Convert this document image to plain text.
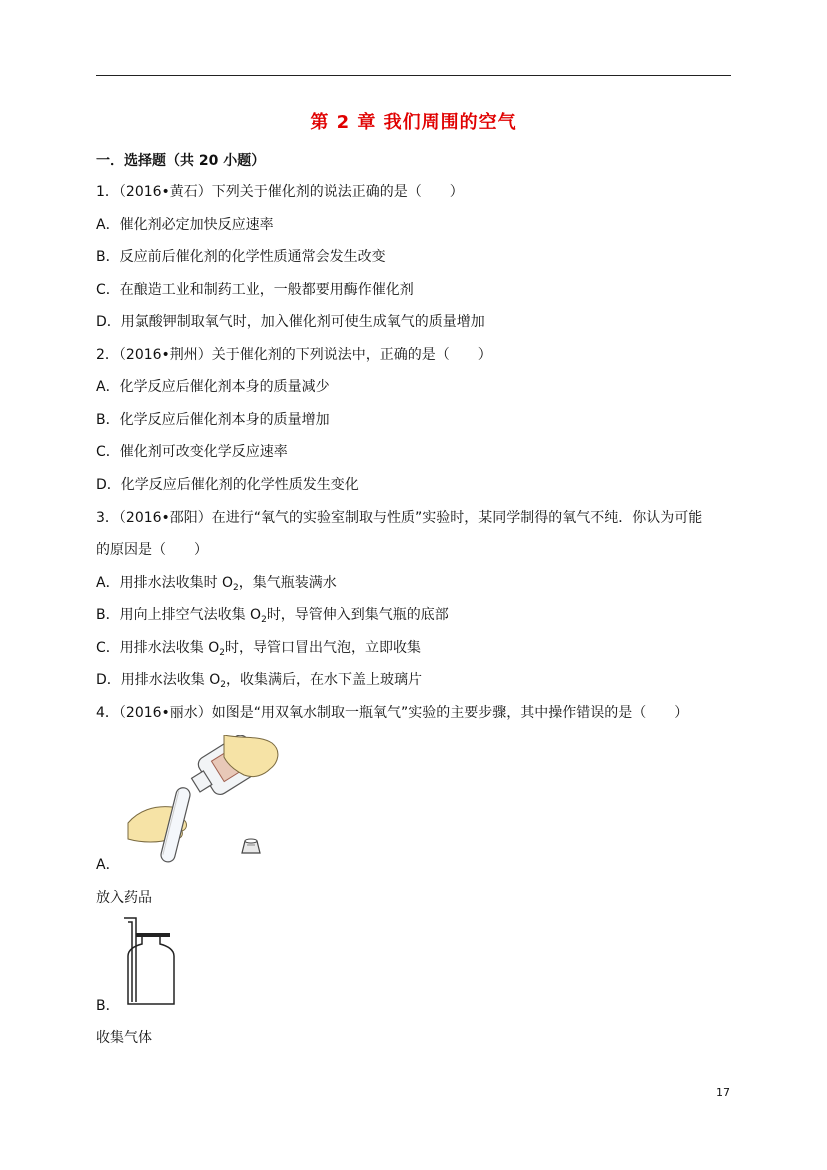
第 2 章 我们周围的空气
一．选择题（共 20 小题）
1．（2016•黄石）下列关于催化剂的说法正确的是（　　）
A．催化剂必定加快反应速率
B．反应前后催化剂的化学性质通常会发生改变
C．在酿造工业和制药工业，一般都要用酶作催化剂
D．用氯酸钾制取氧气时，加入催化剂可使生成氧气的质量增加
2．（2016•荆州）关于催化剂的下列说法中，正确的是（　　）
A．化学反应后催化剂本身的质量减少
B．化学反应后催化剂本身的质量增加
C．催化剂可改变化学反应速率
D．化学反应后催化剂的化学性质发生变化
3．（2016•邵阳）在进行“氧气的实验室制取与性质”实验时，某同学制得的氧气不纯．你认为可能
的原因是（　　）
A．用排水法收集时 $O_2$，集气瓶装满水
B．用向上排空气法收集 $O_2$时，导管伸入到集气瓶的底部
C．用排水法收集 $O_2$时，导管口冒出气泡，立即收集
D．用排水法收集 $O_2$，收集满后，在水下盖上玻璃片
4．（2016•丽水）如图是“用双氧水制取一瓶氧气”实验的主要步骤，其中操作错误的是（　　）
A．
放入药品
B．
收集气体
17
